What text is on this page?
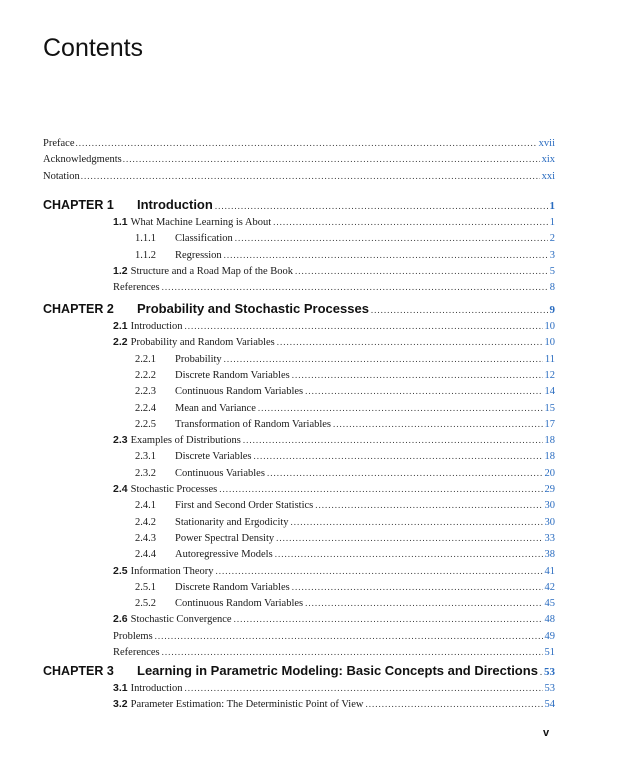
Contents
Preface .....	xvii
Acknowledgments .....	xix
Notation .....	xxi
CHAPTER 1	Introduction .....	1
1.1 What Machine Learning is About .....	1
1.1.1	Classification .....	2
1.1.2	Regression .....	3
1.2 Structure and a Road Map of the Book .....	5
References .....	8
CHAPTER 2	Probability and Stochastic Processes .....	9
2.1 Introduction .....	10
2.2 Probability and Random Variables .....	10
2.2.1	Probability .....	11
2.2.2	Discrete Random Variables .....	12
2.2.3	Continuous Random Variables .....	14
2.2.4	Mean and Variance .....	15
2.2.5	Transformation of Random Variables .....	17
2.3 Examples of Distributions .....	18
2.3.1	Discrete Variables .....	18
2.3.2	Continuous Variables .....	20
2.4 Stochastic Processes .....	29
2.4.1	First and Second Order Statistics .....	30
2.4.2	Stationarity and Ergodicity .....	30
2.4.3	Power Spectral Density .....	33
2.4.4	Autoregressive Models .....	38
2.5 Information Theory .....	41
2.5.1	Discrete Random Variables .....	42
2.5.2	Continuous Random Variables .....	45
2.6 Stochastic Convergence .....	48
Problems .....	49
References .....	51
CHAPTER 3	Learning in Parametric Modeling: Basic Concepts and Directions ..... 53
3.1 Introduction .....	53
3.2 Parameter Estimation: The Deterministic Point of View .....	54
v
